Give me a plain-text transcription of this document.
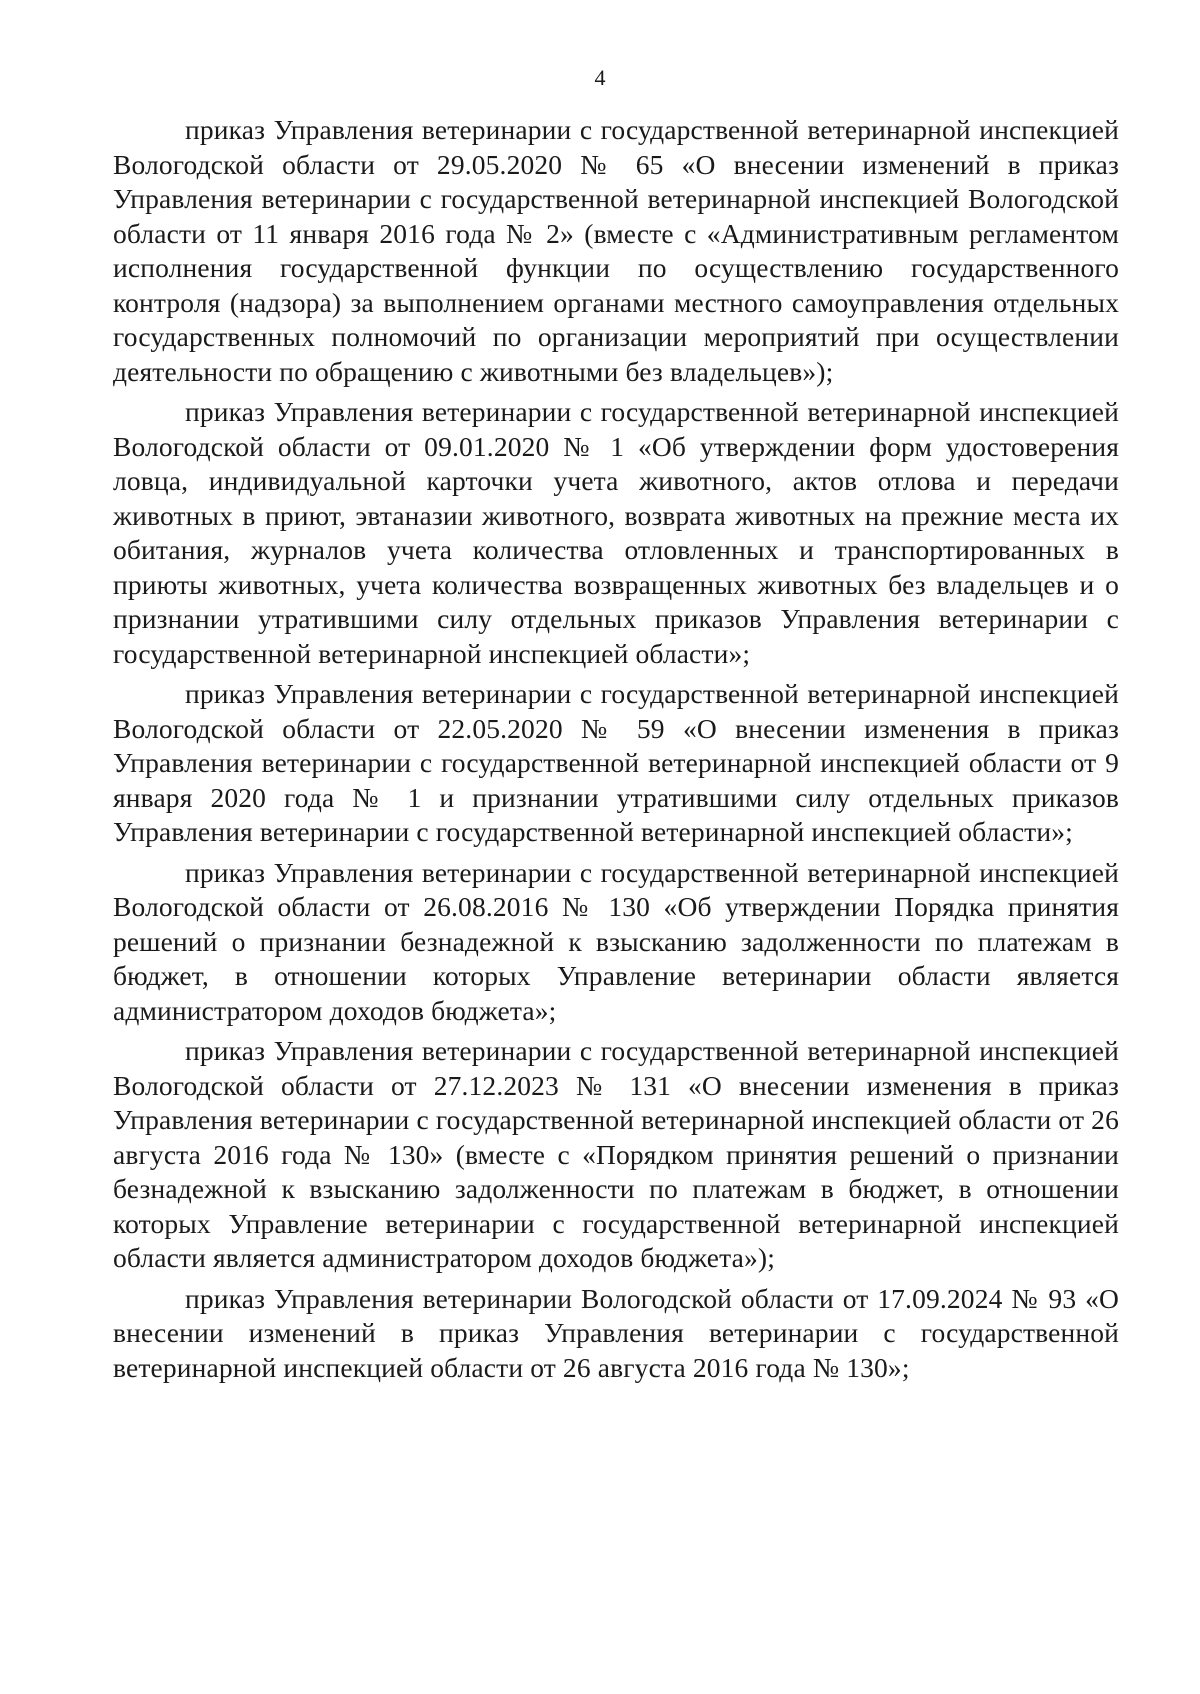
4

приказ Управления ветеринарии с государственной ветеринарной инспекцией Вологодской области от 29.05.2020 № 65 «О внесении изменений в приказ Управления ветеринарии с государственной ветеринарной инспекцией Вологодской области от 11 января 2016 года № 2» (вместе с «Административным регламентом исполнения государственной функции по осуществлению государственного контроля (надзора) за выполнением органами местного самоуправления отдельных государственных полномочий по организации мероприятий при осуществлении деятельности по обращению с животными без владельцев»);

приказ Управления ветеринарии с государственной ветеринарной инспекцией Вологодской области от 09.01.2020 № 1 «Об утверждении форм удостоверения ловца, индивидуальной карточки учета животного, актов отлова и передачи животных в приют, эвтаназии животного, возврата животных на прежние места их обитания, журналов учета количества отловленных и транспортированных в приюты животных, учета количества возвращенных животных без владельцев и о признании утратившими силу отдельных приказов Управления ветеринарии с государственной ветеринарной инспекцией области»;

приказ Управления ветеринарии с государственной ветеринарной инспекцией Вологодской области от 22.05.2020 № 59 «О внесении изменения в приказ Управления ветеринарии с государственной ветеринарной инспекцией области от 9 января 2020 года № 1 и признании утратившими силу отдельных приказов Управления ветеринарии с государственной ветеринарной инспекцией области»;

приказ Управления ветеринарии с государственной ветеринарной инспекцией Вологодской области от 26.08.2016 № 130 «Об утверждении Порядка принятия решений о признании безнадежной к взысканию задолженности по платежам в бюджет, в отношении которых Управление ветеринарии области является администратором доходов бюджета»;

приказ Управления ветеринарии с государственной ветеринарной инспекцией Вологодской области от 27.12.2023 № 131 «О внесении изменения в приказ Управления ветеринарии с государственной ветеринарной инспекцией области от 26 августа 2016 года № 130» (вместе с «Порядком принятия решений о признании безнадежной к взысканию задолженности по платежам в бюджет, в отношении которых Управление ветеринарии с государственной ветеринарной инспекцией области является администратором доходов бюджета»);

приказ Управления ветеринарии Вологодской области от 17.09.2024 № 93 «О внесении изменений в приказ Управления ветеринарии с государственной ветеринарной инспекцией области от 26 августа 2016 года № 130»;
